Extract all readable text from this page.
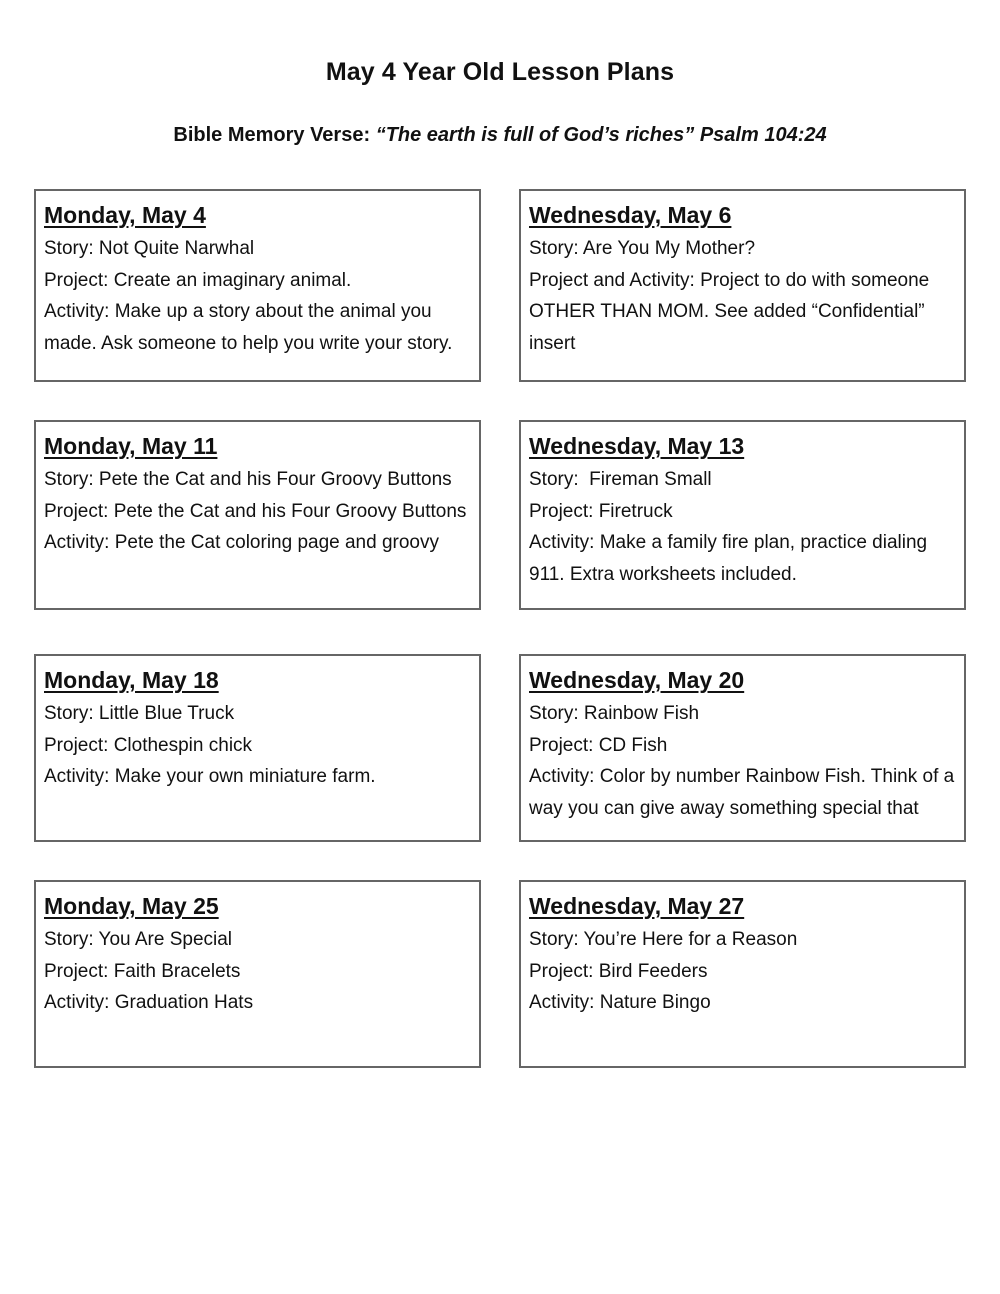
May 4 Year Old Lesson Plans
Bible Memory Verse: “The earth is full of God’s riches” Psalm 104:24
Monday, May 4
Story: Not Quite Narwhal
Project: Create an imaginary animal.
Activity: Make up a story about the animal you made. Ask someone to help you write your story.
Wednesday, May 6
Story: Are You My Mother?
Project and Activity: Project to do with someone OTHER THAN MOM. See added “Confidential” insert
Monday, May 11
Story: Pete the Cat and his Four Groovy Buttons
Project: Pete the Cat and his Four Groovy Buttons
Activity: Pete the Cat coloring page and groovy
Wednesday, May 13
Story:  Fireman Small
Project: Firetruck
Activity: Make a family fire plan, practice dialing 911. Extra worksheets included.
Monday, May 18
Story: Little Blue Truck
Project: Clothespin chick
Activity: Make your own miniature farm.
Wednesday, May 20
Story: Rainbow Fish
Project: CD Fish
Activity: Color by number Rainbow Fish. Think of a way you can give away something special that
Monday, May 25
Story: You Are Special
Project: Faith Bracelets
Activity: Graduation Hats
Wednesday, May 27
Story: You’re Here for a Reason
Project: Bird Feeders
Activity: Nature Bingo
